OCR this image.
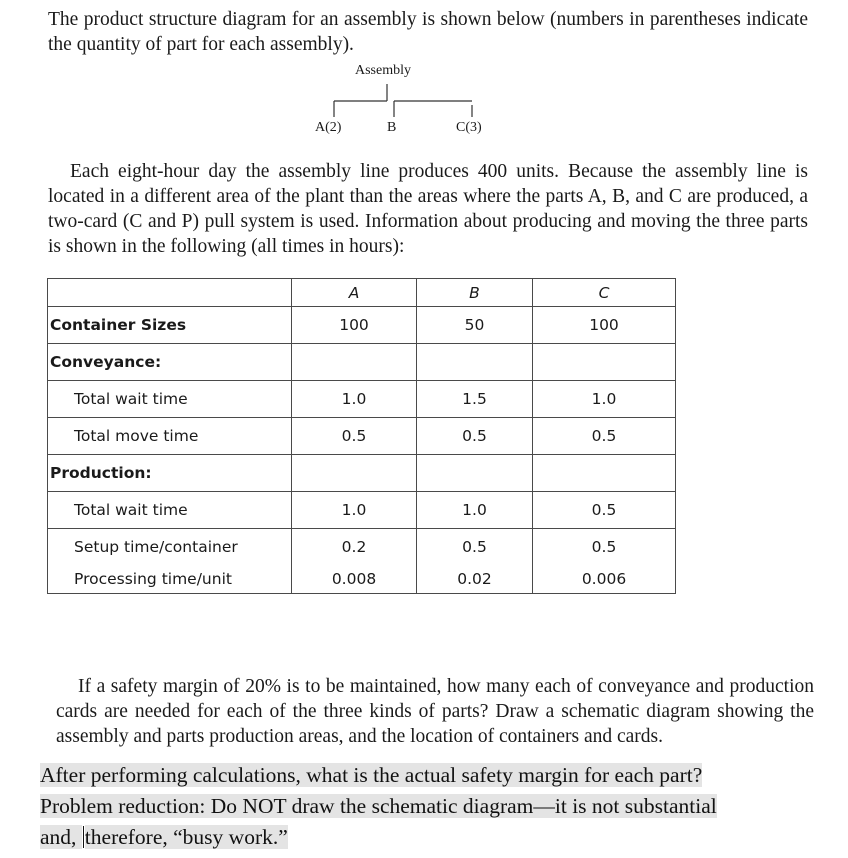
The product structure diagram for an assembly is shown below (numbers in parentheses indicate the quantity of part for each assembly).

Assembly
A(2)	B	C(3)

Each eight-hour day the assembly line produces 400 units. Because the assembly line is located in a different area of the plant than the areas where the parts A, B, and C are produced, a two-card (C and P) pull system is used. Information about producing and moving the three parts is shown in the following (all times in hours):

	A	B	C
Container Sizes	100	50	100
Conveyance:			
Total wait time	1.0	1.5	1.0
Total move time	0.5	0.5	0.5
Production:			
Total wait time	1.0	1.0	0.5
Setup time/container	0.2	0.5	0.5
Processing time/unit	0.008	0.02	0.006

If a safety margin of 20% is to be maintained, how many each of conveyance and production cards are needed for each of the three kinds of parts? Draw a schematic diagram showing the assembly and parts production areas, and the location of containers and cards.

After performing calculations, what is the actual safety margin for each part?
Problem reduction: Do NOT draw the schematic diagram—it is not substantial
and, therefore, “busy work.”
